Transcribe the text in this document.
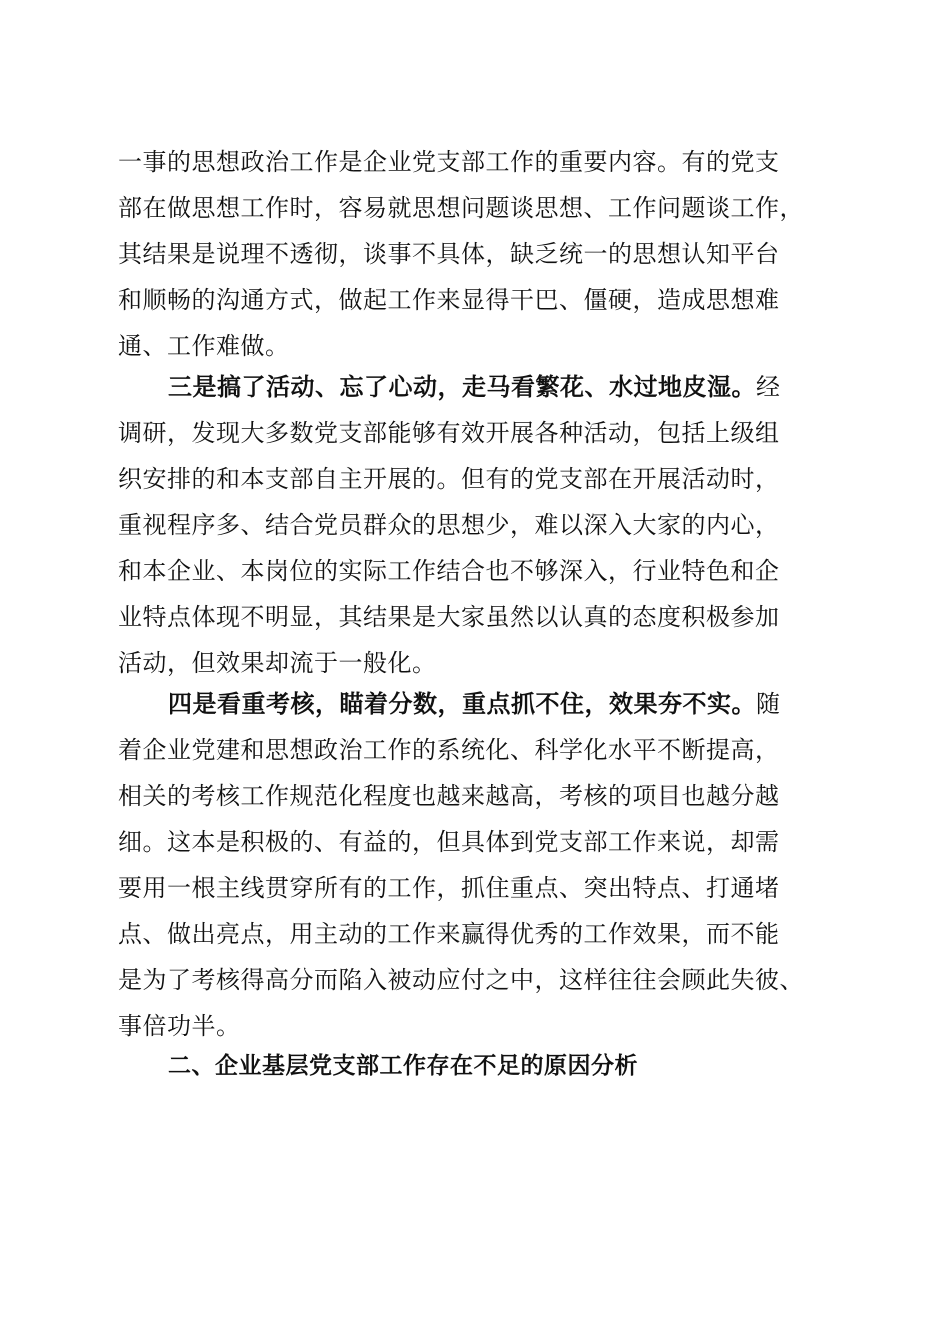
一事的思想政治工作是企业党支部工作的重要内容。有的党支
部在做思想工作时，容易就思想问题谈思想、工作问题谈工作，
其结果是说理不透彻，谈事不具体，缺乏统一的思想认知平台
和顺畅的沟通方式，做起工作来显得干巴、僵硬，造成思想难
通、工作难做。
三是搞了活动、忘了心动，走马看繁花、水过地皮湿。经
调研，发现大多数党支部能够有效开展各种活动，包括上级组
织安排的和本支部自主开展的。但有的党支部在开展活动时，
重视程序多、结合党员群众的思想少，难以深入大家的内心，
和本企业、本岗位的实际工作结合也不够深入，行业特色和企
业特点体现不明显，其结果是大家虽然以认真的态度积极参加
活动，但效果却流于一般化。
四是看重考核，瞄着分数，重点抓不住，效果夯不实。随
着企业党建和思想政治工作的系统化、科学化水平不断提高，
相关的考核工作规范化程度也越来越高，考核的项目也越分越
细。这本是积极的、有益的，但具体到党支部工作来说，却需
要用一根主线贯穿所有的工作，抓住重点、突出特点、打通堵
点、做出亮点，用主动的工作来赢得优秀的工作效果，而不能
是为了考核得高分而陷入被动应付之中，这样往往会顾此失彼、
事倍功半。
二、企业基层党支部工作存在不足的原因分析
